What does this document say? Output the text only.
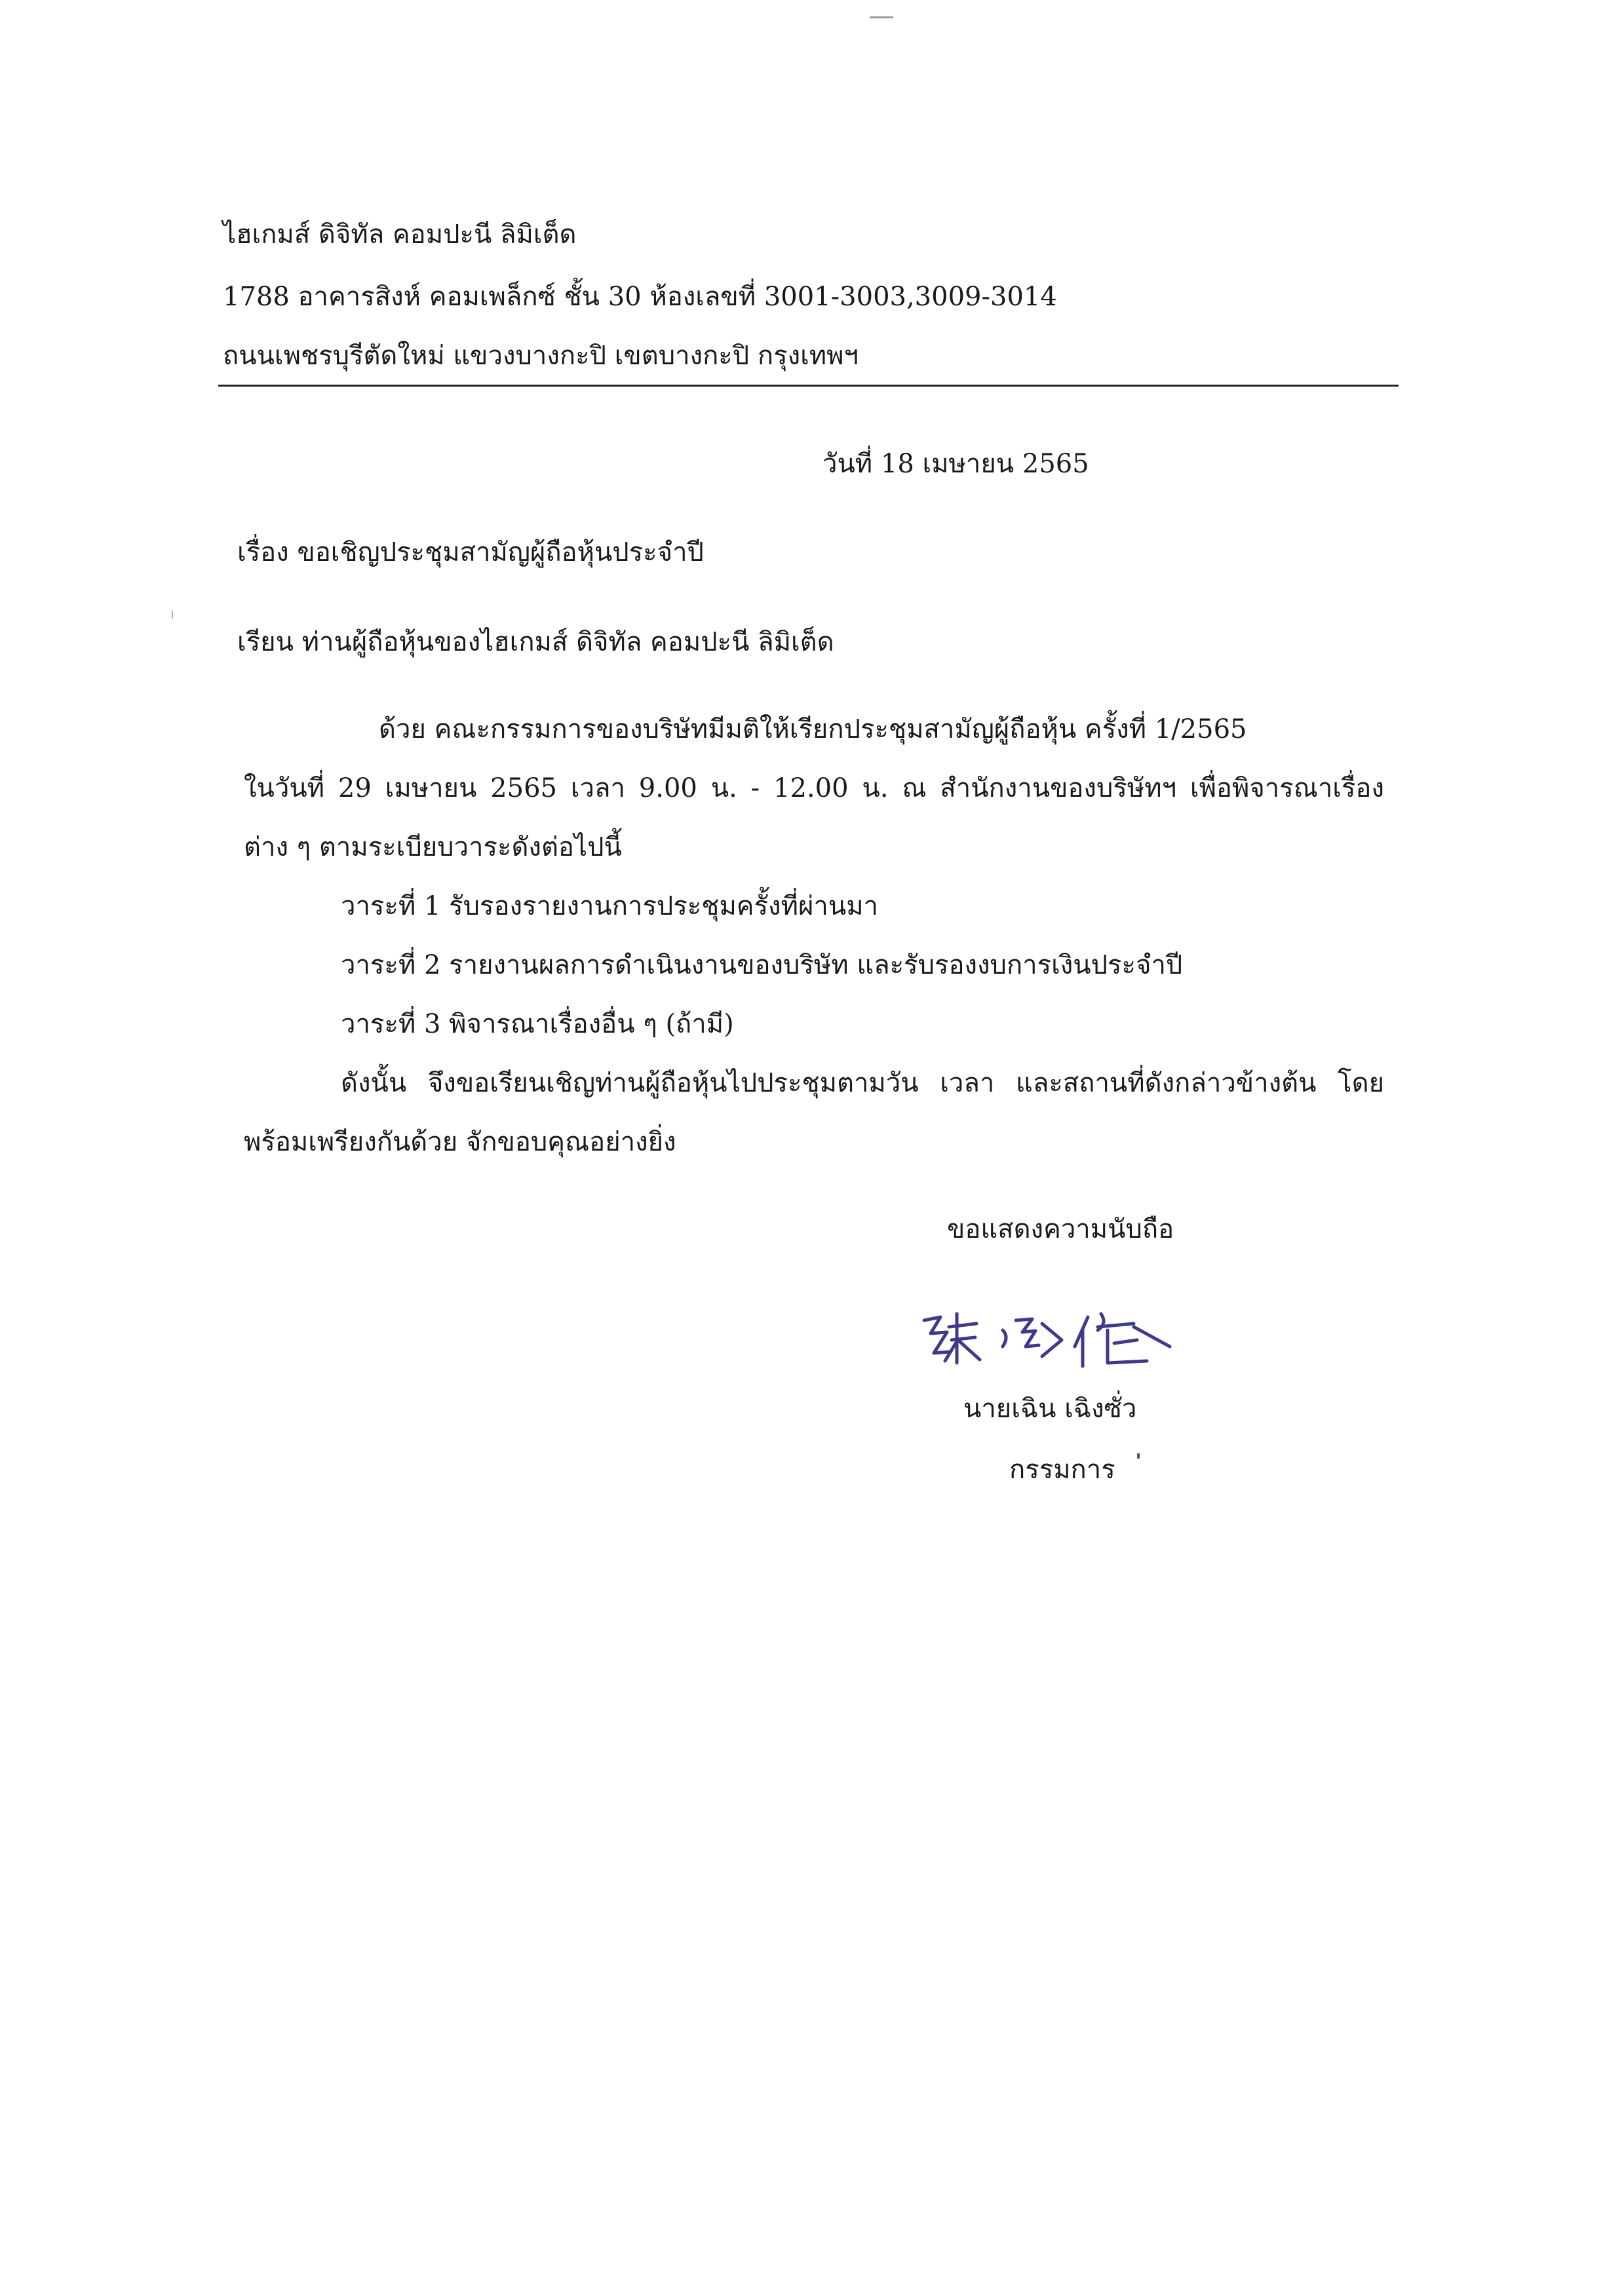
ไฮเกมส์ ดิจิทัล คอมปะนี ลิมิเต็ด
1788 อาคารสิงห์ คอมเพล็กซ์ ชั้น 30 ห้องเลขที่ 3001-3003,3009-3014
ถนนเพชรบุรีตัดใหม่ แขวงบางกะปิ เขตบางกะปิ กรุงเทพฯ
วันที่ 18 เมษายน 2565
เรื่อง ขอเชิญประชุมสามัญผู้ถือหุ้นประจำปี
เรียน ท่านผู้ถือหุ้นของไฮเกมส์ ดิจิทัล คอมปะนี ลิมิเต็ด
ด้วย คณะกรรมการของบริษัทมีมติให้เรียกประชุมสามัญผู้ถือหุ้น ครั้งที่ 1/2565
ในวันที่ 29 เมษายน 2565 เวลา 9.00 น. - 12.00 น. ณ สำนักงานของบริษัทฯ เพื่อพิจารณาเรื่อง
ต่าง ๆ ตามระเบียบวาระดังต่อไปนี้
วาระที่ 1 รับรองรายงานการประชุมครั้งที่ผ่านมา
วาระที่ 2 รายงานผลการดำเนินงานของบริษัท และรับรองงบการเงินประจำปี
วาระที่ 3 พิจารณาเรื่องอื่น ๆ (ถ้ามี)
ดังนั้น จึงขอเรียนเชิญท่านผู้ถือหุ้นไปประชุมตามวัน เวลา และสถานที่ดังกล่าวข้างต้น โดย
พร้อมเพรียงกันด้วย จักขอบคุณอย่างยิ่ง
ขอแสดงความนับถือ
นายเฉิน เฉิงซั่ว
กรรมการ
